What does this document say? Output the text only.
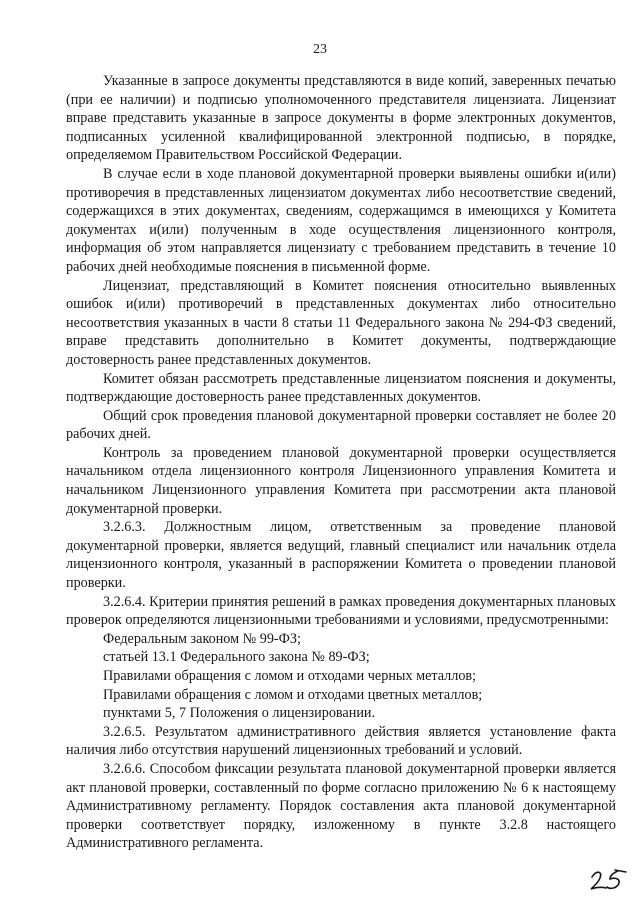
23

Указанные в запросе документы представляются в виде копий, заверенных печатью (при ее наличии) и подписью уполномоченного представителя лицензиата. Лицензиат вправе представить указанные в запросе документы в форме электронных документов, подписанных усиленной квалифицированной электронной подписью, в порядке, определяемом Правительством Российской Федерации.

В случае если в ходе плановой документарной проверки выявлены ошибки и(или) противоречия в представленных лицензиатом документах либо несоответствие сведений, содержащихся в этих документах, сведениям, содержащимся в имеющихся у Комитета документах и(или) полученным в ходе осуществления лицензионного контроля, информация об этом направляется лицензиату с требованием представить в течение 10 рабочих дней необходимые пояснения в письменной форме.

Лицензиат, представляющий в Комитет пояснения относительно выявленных ошибок и(или) противоречий в представленных документах либо относительно несоответствия указанных в части 8 статьи 11 Федерального закона № 294-ФЗ сведений, вправе представить дополнительно в Комитет документы, подтверждающие достоверность ранее представленных документов.

Комитет обязан рассмотреть представленные лицензиатом пояснения и документы, подтверждающие достоверность ранее представленных документов.

Общий срок проведения плановой документарной проверки составляет не более 20 рабочих дней.

Контроль за проведением плановой документарной проверки осуществляется начальником отдела лицензионного контроля Лицензионного управления Комитета и начальником Лицензионного управления Комитета при рассмотрении акта плановой документарной проверки.

3.2.6.3. Должностным лицом, ответственным за проведение плановой документарной проверки, является ведущий, главный специалист или начальник отдела лицензионного контроля, указанный в распоряжении Комитета о проведении плановой проверки.

3.2.6.4. Критерии принятия решений в рамках проведения документарных плановых проверок определяются лицензионными требованиями и условиями, предусмотренными:

Федеральным законом № 99-ФЗ;

статьей 13.1 Федерального закона № 89-ФЗ;

Правилами обращения с ломом и отходами черных металлов;

Правилами обращения с ломом и отходами цветных металлов;

пунктами 5, 7 Положения о лицензировании.

3.2.6.5. Результатом административного действия является установление факта наличия либо отсутствия нарушений лицензионных требований и условий.

3.2.6.6. Способом фиксации результата плановой документарной проверки является акт плановой проверки, составленный по форме согласно приложению № 6 к настоящему Административному регламенту. Порядок составления акта плановой документарной проверки соответствует порядку, изложенному в пункте 3.2.8 настоящего Административного регламента.
